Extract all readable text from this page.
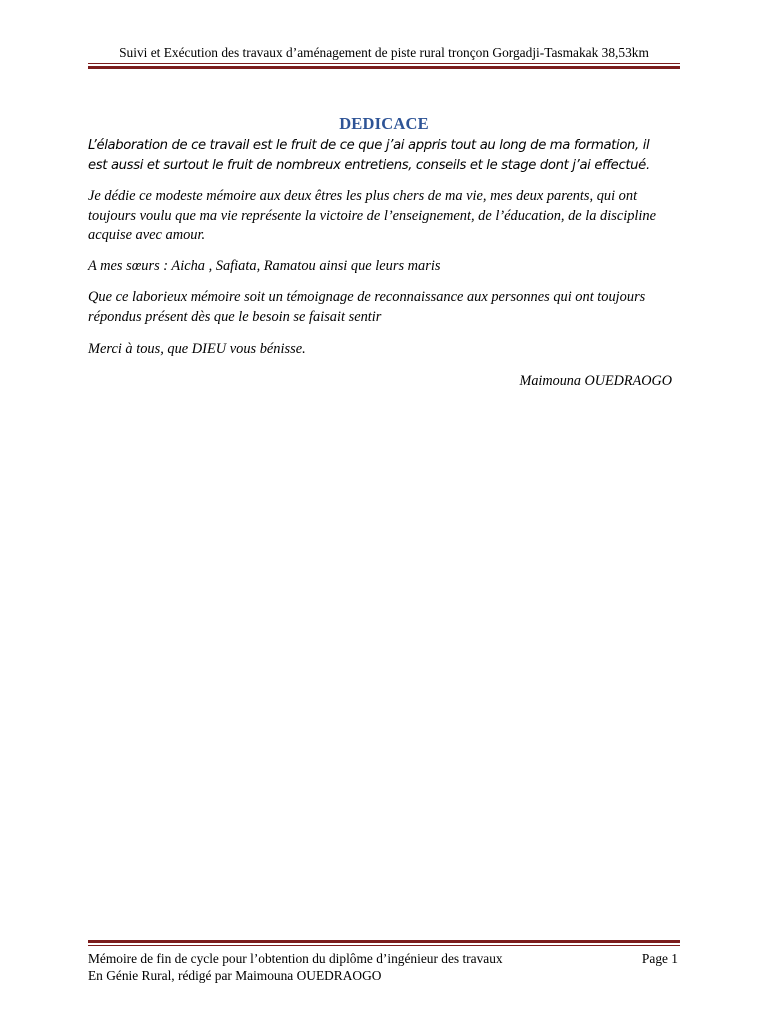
Suivi et Exécution des travaux d’aménagement de piste rural tronçon Gorgadji-Tasmakak 38,53km
DEDICACE
L’élaboration de ce travail est le fruit de ce que j’ai appris tout au long de ma formation, il est aussi et surtout le fruit de nombreux entretiens, conseils et le stage dont j’ai effectué.
Je dédie ce modeste mémoire aux deux êtres les plus chers de ma vie, mes deux parents, qui ont toujours voulu que ma vie représente la victoire de l’enseignement, de l’éducation, de la discipline acquise avec amour.
A mes sœurs : Aicha , Safiata, Ramatou ainsi que leurs maris
Que ce laborieux mémoire soit un témoignage de reconnaissance aux personnes qui ont toujours répondus présent dès que le besoin se faisait sentir
Merci à tous, que DIEU vous bénisse.
Maimouna OUEDRAOGO
Mémoire de fin de cycle pour l’obtention du diplôme d’ingénieur des travaux
En Génie Rural, rédigé par Maimouna OUEDRAOGO
Page 1
